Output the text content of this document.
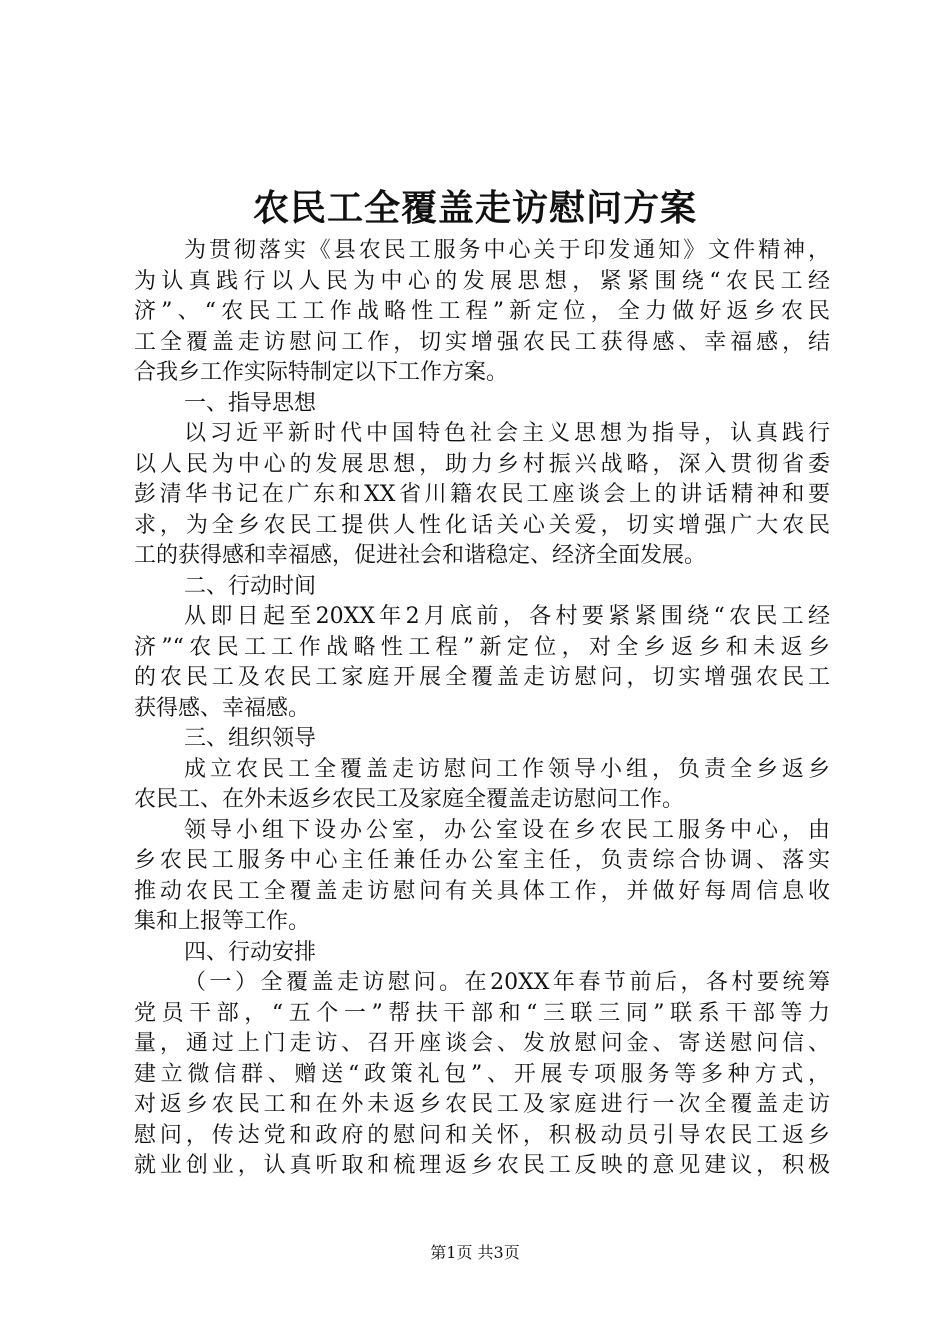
农民工全覆盖走访慰问方案
为贯彻落实《县农民工服务中心关于印发通知》文件精神，
为认真践行以人民为中心的发展思想，紧紧围绕“农民工经
济”、“农民工工作战略性工程”新定位，全力做好返乡农民
工全覆盖走访慰问工作，切实增强农民工获得感、幸福感，结
合我乡工作实际特制定以下工作方案。
一、指导思想
以习近平新时代中国特色社会主义思想为指导，认真践行
以人民为中心的发展思想，助力乡村振兴战略，深入贯彻省委
彭清华书记在广东和XX省川籍农民工座谈会上的讲话精神和要
求，为全乡农民工提供人性化话关心关爱，切实增强广大农民
工的获得感和幸福感，促进社会和谐稳定、经济全面发展。
二、行动时间
从即日起至20XX年2月底前，各村要紧紧围绕“农民工经
济”“农民工工作战略性工程”新定位，对全乡返乡和未返乡
的农民工及农民工家庭开展全覆盖走访慰问，切实增强农民工
获得感、幸福感。
三、组织领导
成立农民工全覆盖走访慰问工作领导小组，负责全乡返乡
农民工、在外未返乡农民工及家庭全覆盖走访慰问工作。
领导小组下设办公室，办公室设在乡农民工服务中心，由
乡农民工服务中心主任兼任办公室主任，负责综合协调、落实
推动农民工全覆盖走访慰问有关具体工作，并做好每周信息收
集和上报等工作。
四、行动安排
（一）全覆盖走访慰问。在20XX年春节前后，各村要统筹
党员干部，“五个一”帮扶干部和“三联三同”联系干部等力
量，通过上门走访、召开座谈会、发放慰问金、寄送慰问信、
建立微信群、赠送“政策礼包”、开展专项服务等多种方式，
对返乡农民工和在外未返乡农民工及家庭进行一次全覆盖走访
慰问，传达党和政府的慰问和关怀，积极动员引导农民工返乡
就业创业，认真听取和梳理返乡农民工反映的意见建议，积极
第1页 共3页
